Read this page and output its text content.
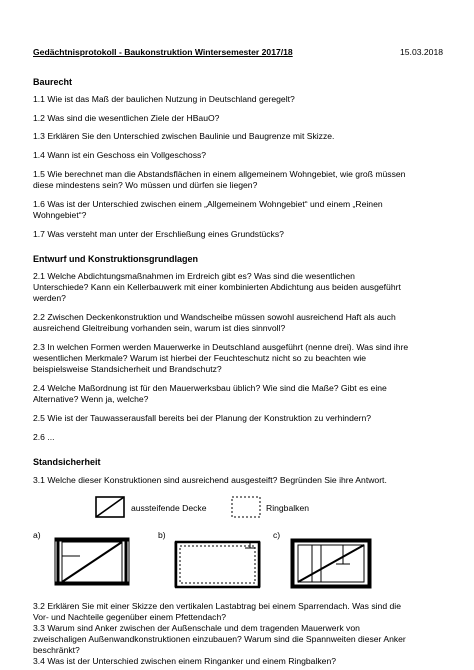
Gedächtnisprotokoll - Baukonstruktion Wintersemester 2017/18	15.03.2018
Baurecht
1.1 Wie ist das Maß der baulichen Nutzung in Deutschland geregelt?
1.2 Was sind die wesentlichen Ziele der HBauO?
1.3 Erklären Sie den Unterschied zwischen Baulinie und Baugrenze mit Skizze.
1.4 Wann ist ein Geschoss ein Vollgeschoss?
1.5 Wie berechnet man die Abstandsflächen in einem allgemeinem Wohngebiet, wie groß müssen
diese mindestens sein? Wo müssen und dürfen sie liegen?
1.6 Was ist der Unterschied zwischen einem „Allgemeinem Wohngebiet“ und einem „Reinen
Wohngebiet“?
1.7 Was versteht man unter der Erschließung eines Grundstücks?
Entwurf und Konstruktionsgrundlagen
2.1 Welche Abdichtungsmaßnahmen im Erdreich gibt es? Was sind die wesentlichen
Unterschiede? Kann ein Kellerbauwerk mit einer kombinierten Abdichtung aus beiden ausgeführt
werden?
2.2 Zwischen Deckenkonstruktion und Wandscheibe müssen sowohl ausreichend Haft als auch
ausreichend Gleitreibung vorhanden sein, warum ist dies sinnvoll?
2.3 In welchen Formen werden Mauerwerke in Deutschland ausgeführt (nenne drei). Was sind ihre
wesentlichen Merkmale? Warum ist hierbei der Feuchteschutz nicht so zu beachten wie
beispielsweise Standsicherheit und Brandschutz?
2.4 Welche Maßordnung ist für den Mauerwerksbau üblich? Wie sind die Maße? Gibt es eine
Alternative? Wenn ja, welche?
2.5 Wie ist der Tauwasserausfall bereits bei der Planung der Konstruktion zu verhindern?
2.6 ...
Standsicherheit
3.1 Welche dieser Konstruktionen sind ausreichend ausgesteift? Begründen Sie ihre Antwort.
aussteifende Decke	Ringbalken
a)	b)	c)
3.2 Erklären Sie mit einer Skizze den vertikalen Lastabtrag bei einem Sparrendach. Was sind die
Vor- und Nachteile gegenüber einem Pfettendach?
3.3 Warum sind Anker zwischen der Außenschale und dem tragenden Mauerwerk von
zweischaligen Außenwandkonstruktionen einzubauen? Warum sind die Spannweiten dieser Anker
beschränkt?
3.4 Was ist der Unterschied zwischen einem Ringanker und einem Ringbalken?
